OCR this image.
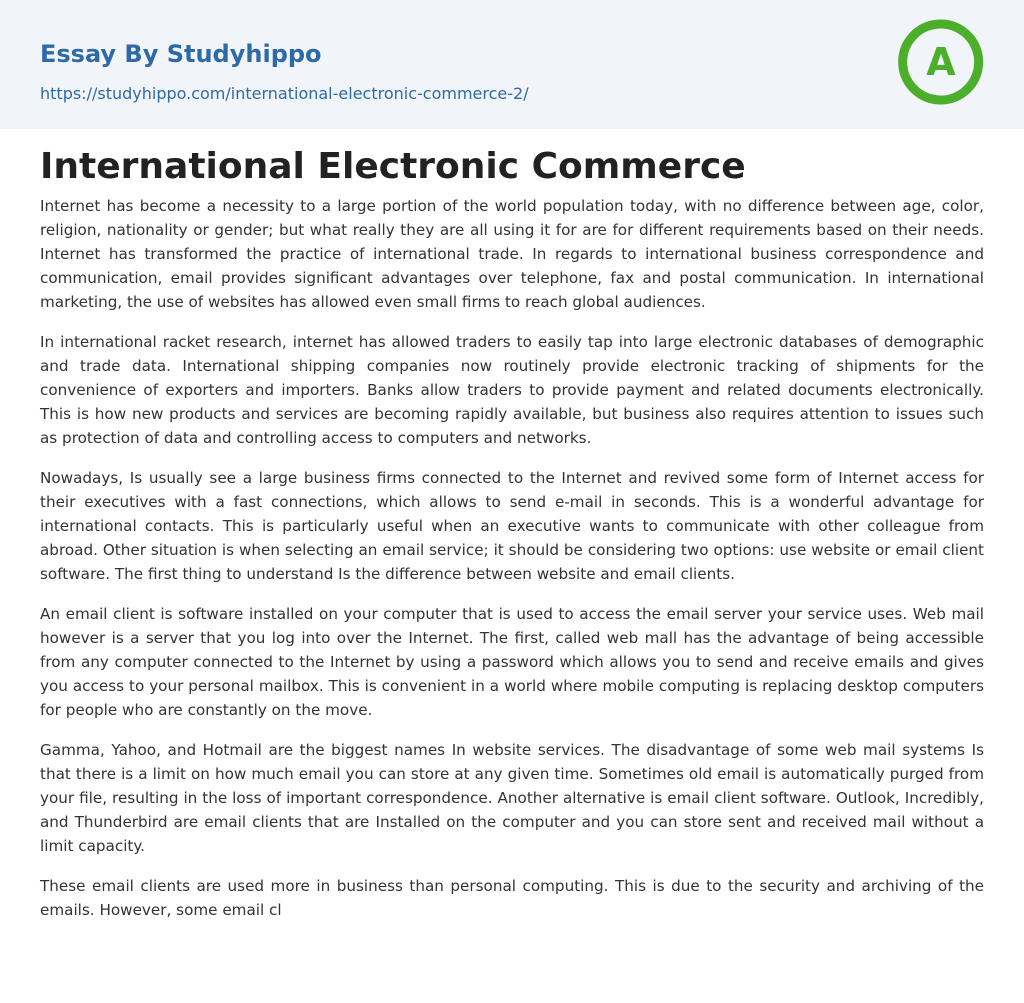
Essay By Studyhippo
https://studyhippo.com/international-electronic-commerce-2/
A
International Electronic Commerce

Internet has become a necessity to a large portion of the world population today, with no difference between age, color, religion, nationality or gender; but what really they are all using it for are for different requirements based on their needs. Internet has transformed the practice of international trade. In regards to international business correspondence and communication, email provides significant advantages over telephone, fax and postal communication. In international marketing, the use of websites has allowed even small firms to reach global audiences.

In international racket research, internet has allowed traders to easily tap into large electronic databases of demographic and trade data. International shipping companies now routinely provide electronic tracking of shipments for the convenience of exporters and importers. Banks allow traders to provide payment and related documents electronically. This is how new products and services are becoming rapidly available, but business also requires attention to issues such as protection of data and controlling access to computers and networks.

Nowadays, Is usually see a large business firms connected to the Internet and revived some form of Internet access for their executives with a fast connections, which allows to send e-mail in seconds. This is a wonderful advantage for international contacts. This is particularly useful when an executive wants to communicate with other colleague from abroad. Other situation is when selecting an email service; it should be considering two options: use website or email client software. The first thing to understand Is the difference between website and email clients.

An email client is software installed on your computer that is used to access the email server your service uses. Web mail however is a server that you log into over the Internet. The first, called web mall has the advantage of being accessible from any computer connected to the Internet by using a password which allows you to send and receive emails and gives you access to your personal mailbox. This is convenient in a world where mobile computing is replacing desktop computers for people who are constantly on the move.

Gamma, Yahoo, and Hotmail are the biggest names In website services. The disadvantage of some web mail systems Is that there is a limit on how much email you can store at any given time. Sometimes old email is automatically purged from your file, resulting in the loss of important correspondence. Another alternative is email client software. Outlook, Incredibly, and Thunderbird are email clients that are Installed on the computer and you can store sent and received mail without a limit capacity.

These email clients are used more in business than personal computing. This is due to the security and archiving of the emails. However, some email cl
